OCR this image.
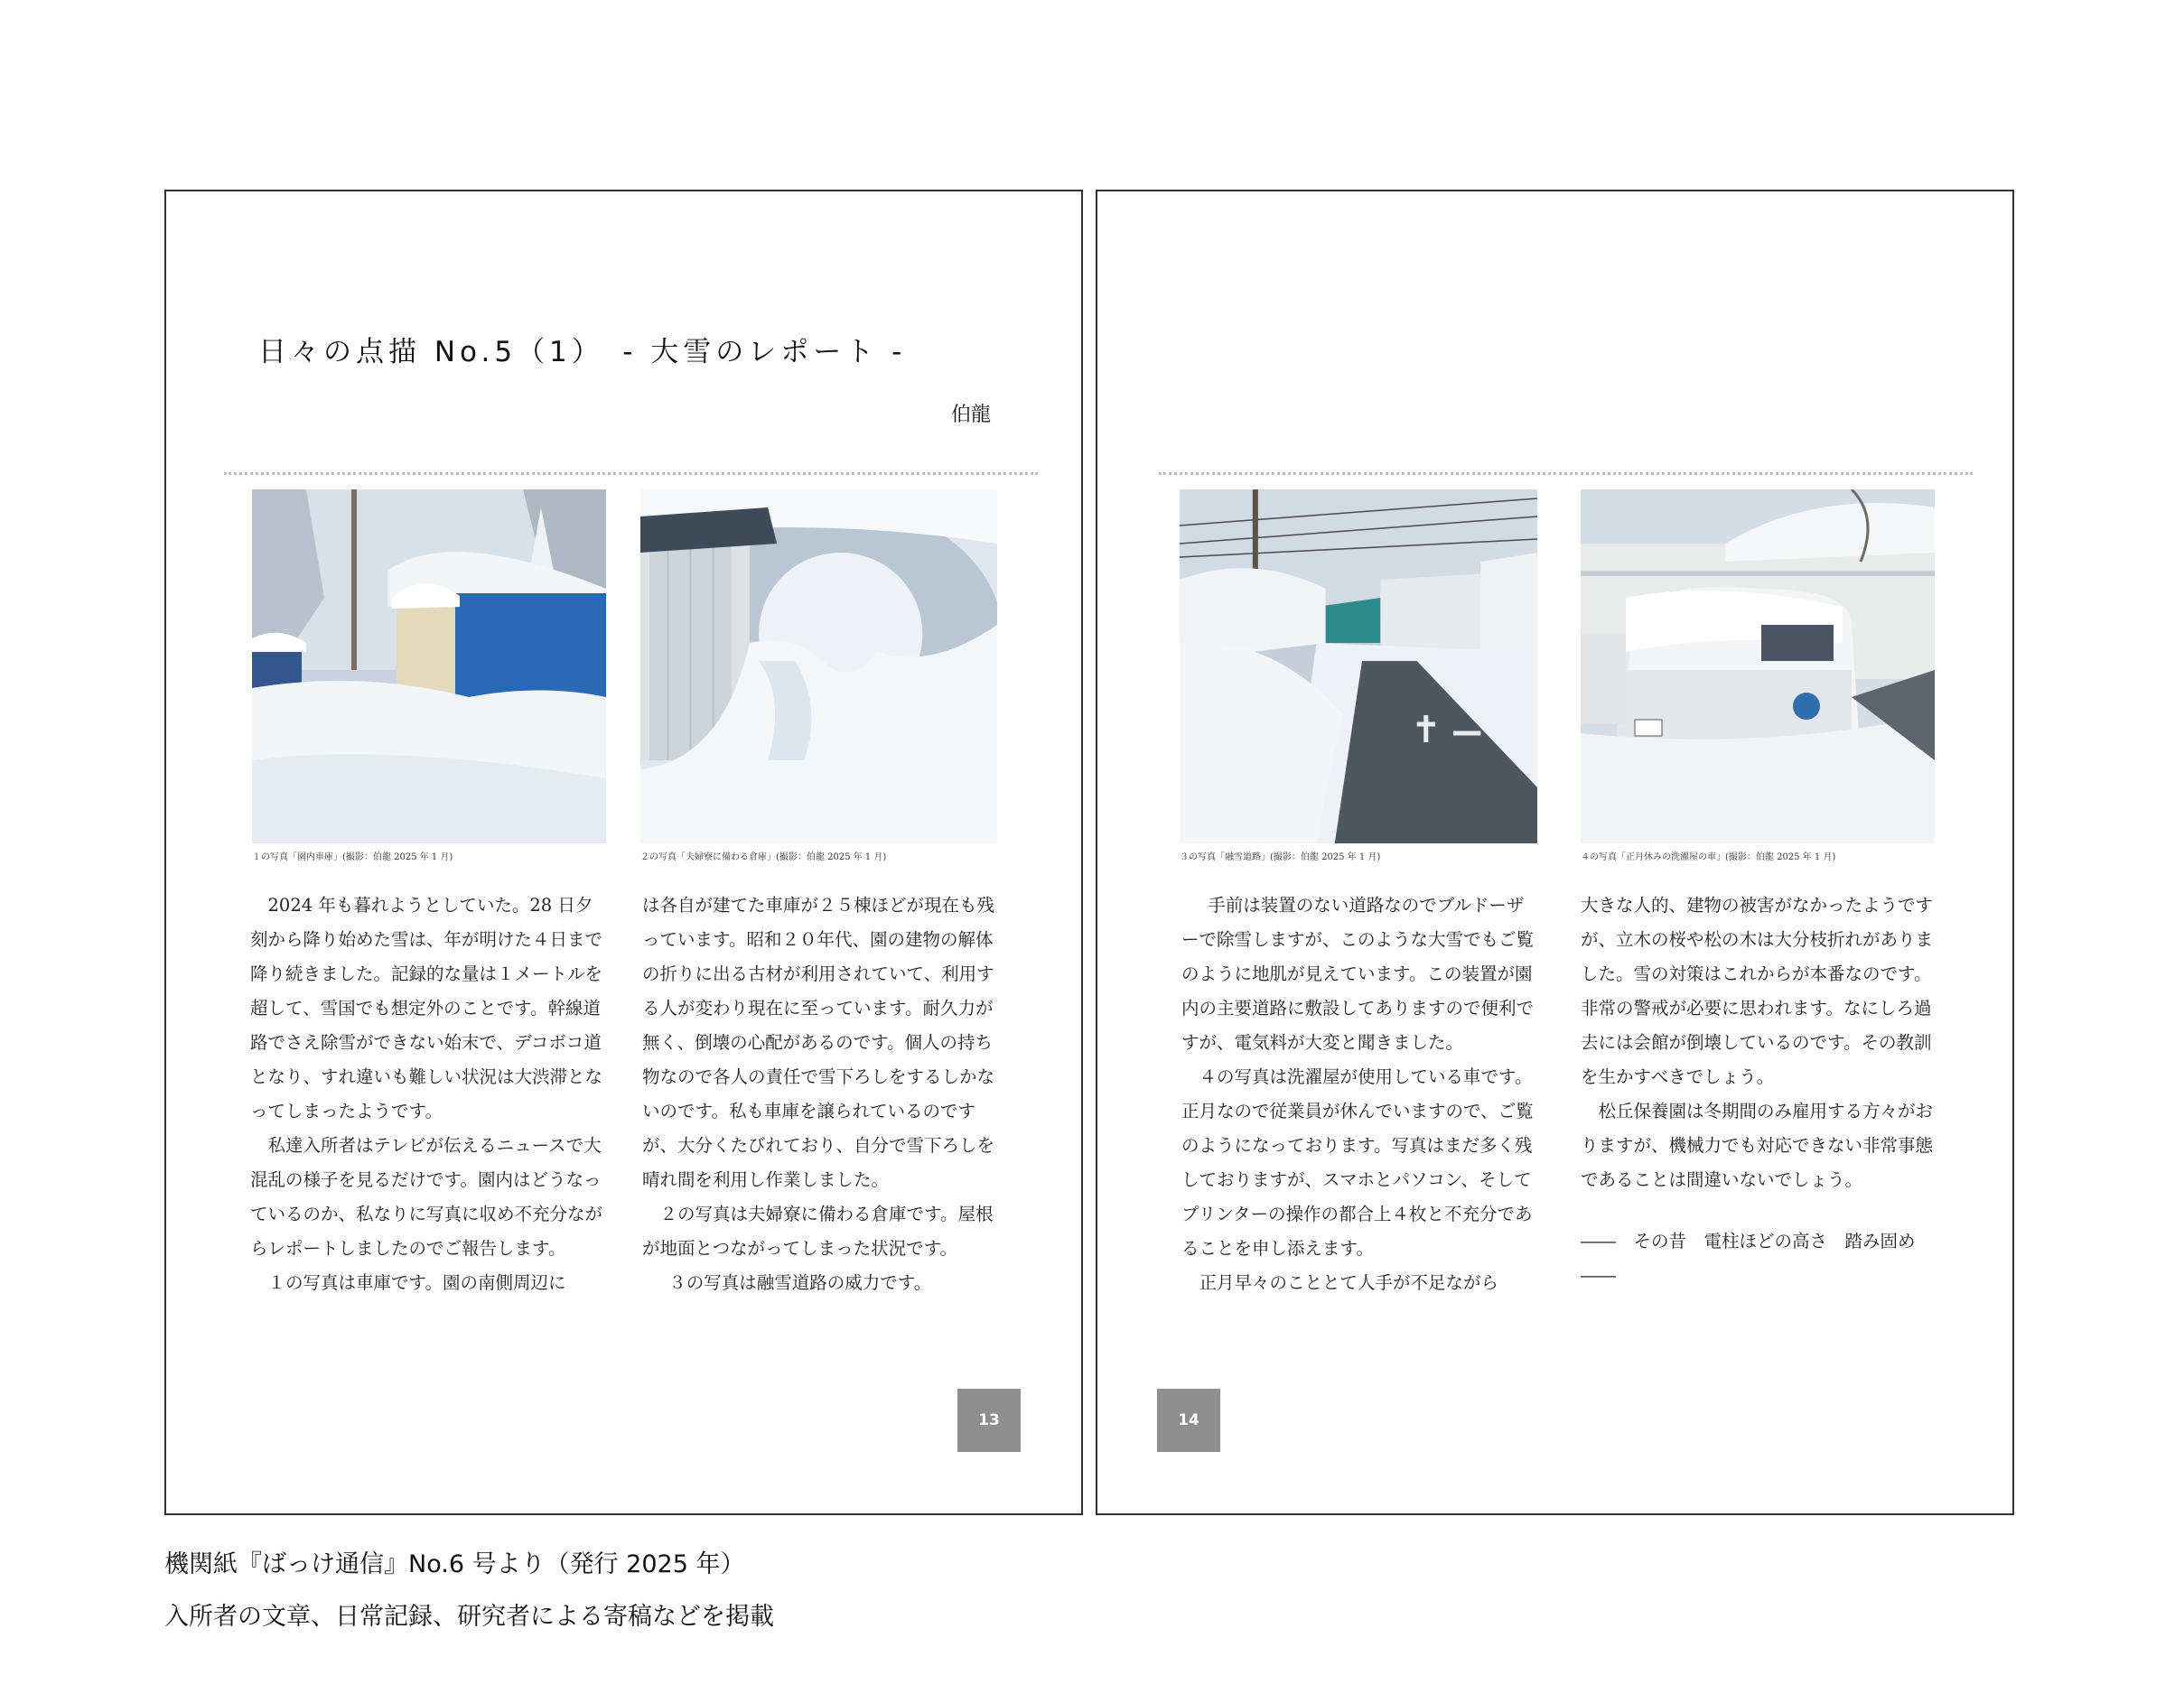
日々の点描 No.5（1）　- 大雪のレポート -
伯龍
１の写真「園内車庫」(撮影：伯龍 2025 年 1 月)	２の写真「夫婦寮に備わる倉庫」(撮影：伯龍 2025 年 1 月)

2024 年も暮れようとしていた。28 日夕刻から降り始めた雪は、年が明けた４日まで降り続きました。記録的な量は１メートルを超して、雪国でも想定外のことです。幹線道路でさえ除雪ができない始末で、デコボコ道となり、すれ違いも難しい状況は大渋滞となってしまったようです。

私達入所者はテレビが伝えるニュースで大混乱の様子を見るだけです。園内はどうなっているのか、私なりに写真に収め不充分ながらレポートしましたのでご報告します。

１の写真は車庫です。園の南側周辺に

は各自が建てた車庫が２５棟ほどが現在も残っています。昭和２０年代、園の建物の解体の折りに出る古材が利用されていて、利用する人が変わり現在に至っています。耐久力が無く、倒壊の心配があるのです。個人の持ち物なので各人の責任で雪下ろしをするしかないのです。私も車庫を譲られているのですが、大分くたびれており、自分で雪下ろしを晴れ間を利用し作業しました。

２の写真は夫婦寮に備わる倉庫です。屋根が地面とつながってしまった状況です。

３の写真は融雪道路の威力です。

13
３の写真「融雪道路」(撮影：伯龍 2025 年 1 月)	４の写真「正月休みの洗濯屋の車」(撮影：伯龍 2025 年 1 月)

手前は装置のない道路なのでブルドーザーで除雪しますが、このような大雪でもご覧のように地肌が見えています。この装置が園内の主要道路に敷設してありますので便利ですが、電気料が大変と聞きました。

４の写真は洗濯屋が使用している車です。正月なので従業員が休んでいますので、ご覧のようになっております。写真はまだ多く残しておりますが、スマホとパソコン、そしてプリンターの操作の都合上４枚と不充分であることを申し添えます。

正月早々のこととて人手が不足ながら

大きな人的、建物の被害がなかったようですが、立木の桜や松の木は大分枝折れがありました。雪の対策はこれからが本番なのです。非常の警戒が必要に思われます。なにしろ過去には会館が倒壊しているのです。その教訓を生かすべきでしょう。

松丘保養園は冬期間のみ雇用する方々がおりますが、機械力でも対応できない非常事態であることは間違いないでしょう。

――　その昔　電柱ほどの高さ　踏み固め　――

14
機関紙『ばっけ通信』No.6 号より（発行 2025 年）
入所者の文章、日常記録、研究者による寄稿などを掲載
